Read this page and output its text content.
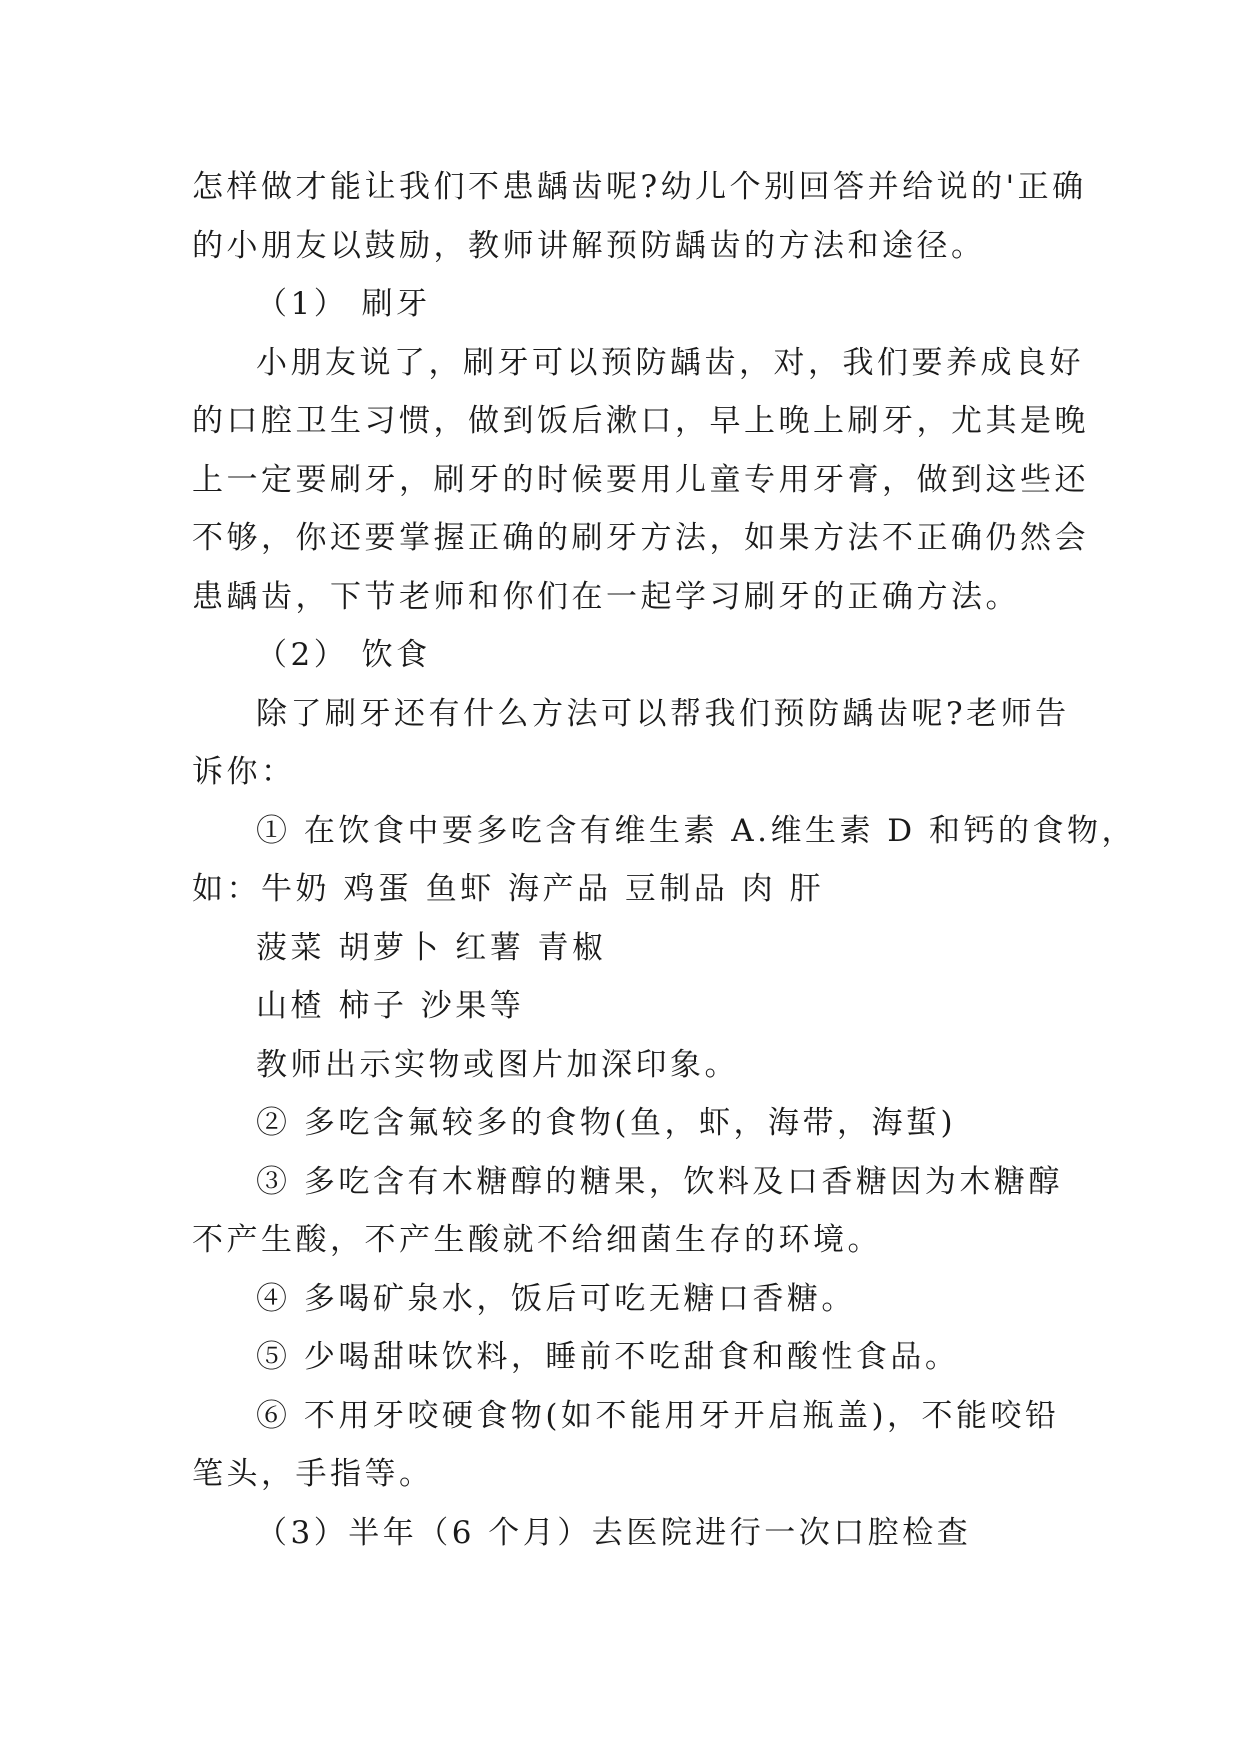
怎样做才能让我们不患龋齿呢?幼儿个别回答并给说的'正确
的小朋友以鼓励，教师讲解预防龋齿的方法和途径。
（1） 刷牙
小朋友说了，刷牙可以预防龋齿，对，我们要养成良好
的口腔卫生习惯，做到饭后漱口，早上晚上刷牙，尤其是晚
上一定要刷牙，刷牙的时候要用儿童专用牙膏，做到这些还
不够，你还要掌握正确的刷牙方法，如果方法不正确仍然会
患龋齿，下节老师和你们在一起学习刷牙的正确方法。
（2） 饮食
除了刷牙还有什么方法可以帮我们预防龋齿呢?老师告
诉你：
① 在饮食中要多吃含有维生素 A.维生素 D 和钙的食物，
如：牛奶 鸡蛋 鱼虾 海产品 豆制品 肉 肝
菠菜 胡萝卜 红薯 青椒
山楂 柿子 沙果等
教师出示实物或图片加深印象。
② 多吃含氟较多的食物(鱼，虾，海带，海蜇)
③ 多吃含有木糖醇的糖果，饮料及口香糖因为木糖醇
不产生酸，不产生酸就不给细菌生存的环境。
④ 多喝矿泉水，饭后可吃无糖口香糖。
⑤ 少喝甜味饮料，睡前不吃甜食和酸性食品。
⑥ 不用牙咬硬食物(如不能用牙开启瓶盖)，不能咬铅
笔头，手指等。
（3）半年（6 个月）去医院进行一次口腔检查
